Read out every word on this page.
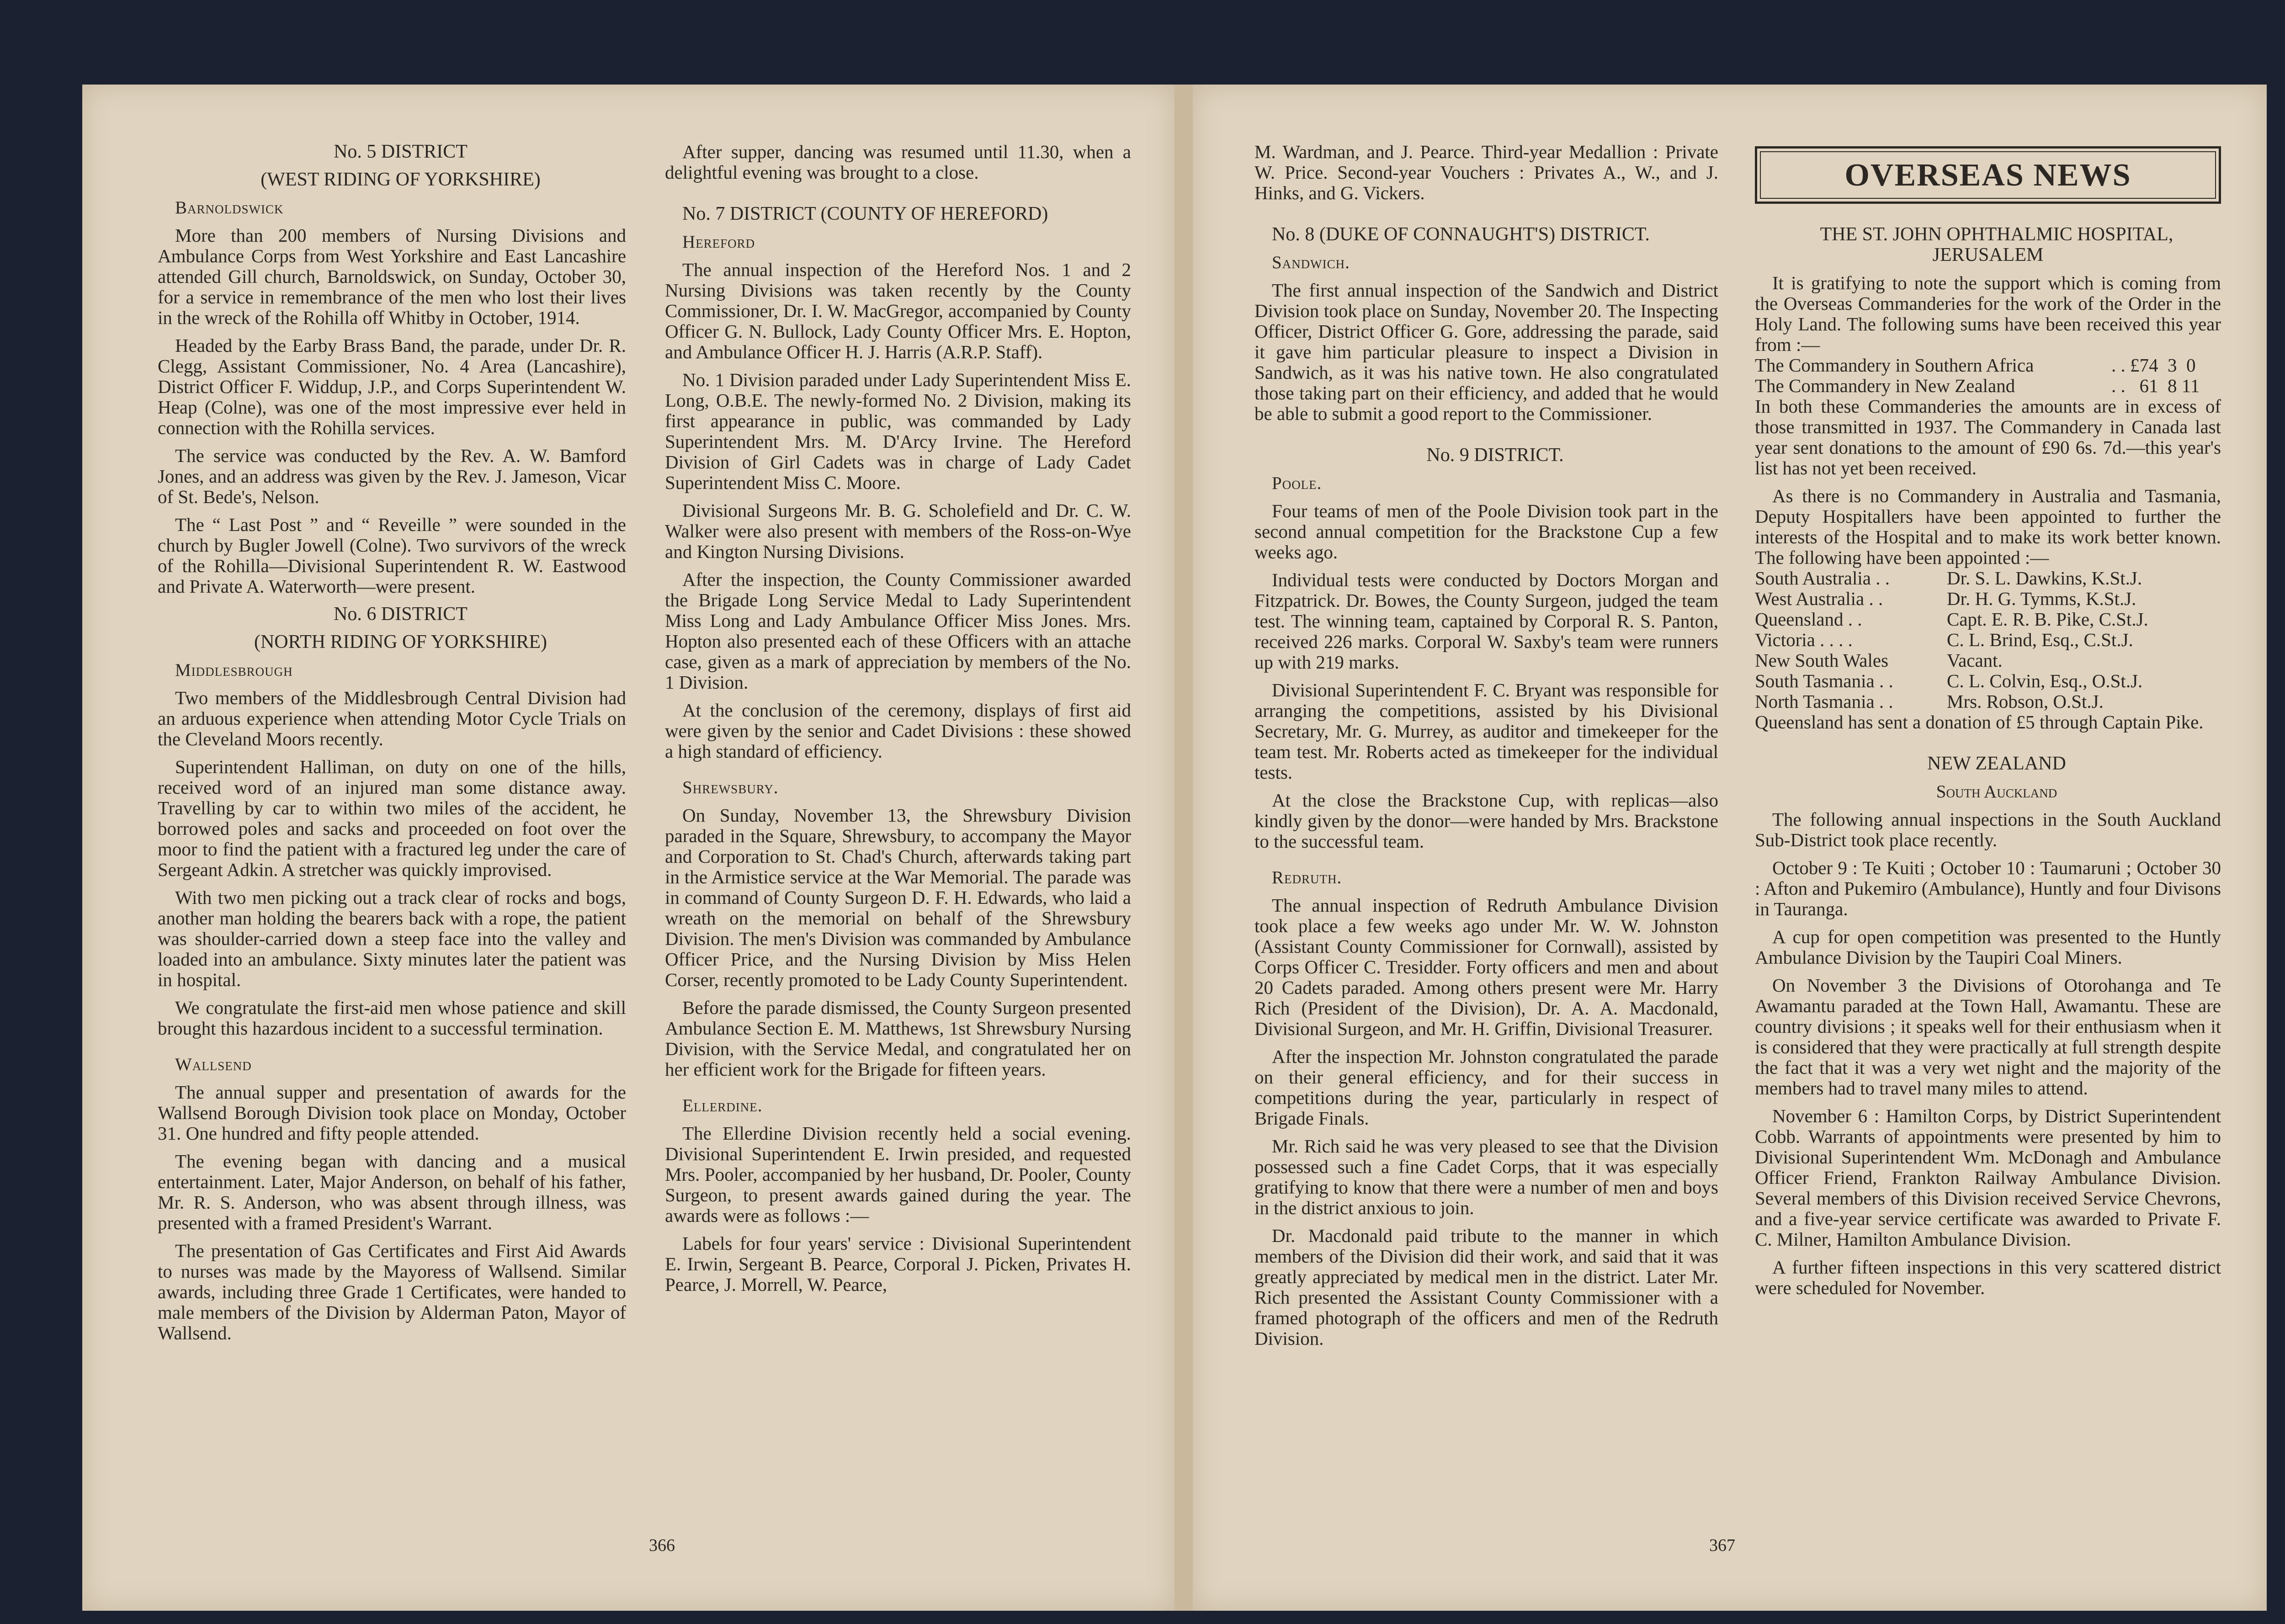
No. 5 DISTRICT

(WEST RIDING OF YORKSHIRE)

Barnoldswick

More than 200 members of Nursing Divisions and Ambulance Corps from West Yorkshire and East Lancashire attended Gill church, Barnoldswick, on Sunday, October 30, for a service in remembrance of the men who lost their lives in the wreck of the Rohilla off Whitby in October, 1914.

Headed by the Earby Brass Band, the parade, under Dr. R. Clegg, Assistant Commissioner, No. 4 Area (Lancashire), District Officer F. Widdup, J.P., and Corps Superintendent W. Heap (Colne), was one of the most impressive ever held in connection with the Rohilla services.

The service was conducted by the Rev. A. W. Bamford Jones, and an address was given by the Rev. J. Jameson, Vicar of St. Bede's, Nelson.

The “ Last Post ” and “ Reveille ” were sounded in the church by Bugler Jowell (Colne). Two survivors of the wreck of the Rohilla—Divisional Superintendent R. W. Eastwood and Private A. Waterworth—were present.

No. 6 DISTRICT

(NORTH RIDING OF YORKSHIRE)

Middlesbrough

Two members of the Middlesbrough Central Division had an arduous experience when attending Motor Cycle Trials on the Cleveland Moors recently.

Superintendent Halliman, on duty on one of the hills, received word of an injured man some distance away. Travelling by car to within two miles of the accident, he borrowed poles and sacks and proceeded on foot over the moor to find the patient with a fractured leg under the care of Sergeant Adkin. A stretcher was quickly improvised.

With two men picking out a track clear of rocks and bogs, another man holding the bearers back with a rope, the patient was shoulder-carried down a steep face into the valley and loaded into an ambulance. Sixty minutes later the patient was in hospital.

We congratulate the first-aid men whose patience and skill brought this hazardous incident to a successful termination.

Wallsend

The annual supper and presentation of awards for the Wallsend Borough Division took place on Monday, October 31. One hundred and fifty people attended.

The evening began with dancing and a musical entertainment. Later, Major Anderson, on behalf of his father, Mr. R. S. Anderson, who was absent through illness, was presented with a framed President's Warrant.

The presentation of Gas Certificates and First Aid Awards to nurses was made by the Mayoress of Wallsend. Similar awards, including three Grade 1 Certificates, were handed to male members of the Division by Alderman Paton, Mayor of Wallsend.

After supper, dancing was resumed until 11.30, when a delightful evening was brought to a close.

No. 7 DISTRICT (COUNTY OF HEREFORD)

Hereford

The annual inspection of the Hereford Nos. 1 and 2 Nursing Divisions was taken recently by the County Commissioner, Dr. I. W. MacGregor, accompanied by County Officer G. N. Bullock, Lady County Officer Mrs. E. Hopton, and Ambulance Officer H. J. Harris (A.R.P. Staff).

No. 1 Division paraded under Lady Superintendent Miss E. Long, O.B.E. The newly-formed No. 2 Division, making its first appearance in public, was commanded by Lady Superintendent Mrs. M. D'Arcy Irvine. The Hereford Division of Girl Cadets was in charge of Lady Cadet Superintendent Miss C. Moore.

Divisional Surgeons Mr. B. G. Scholefield and Dr. C. W. Walker were also present with members of the Ross-on-Wye and Kington Nursing Divisions.

After the inspection, the County Commissioner awarded the Brigade Long Service Medal to Lady Superintendent Miss Long and Lady Ambulance Officer Miss Jones. Mrs. Hopton also presented each of these Officers with an attache case, given as a mark of appreciation by members of the No. 1 Division.

At the conclusion of the ceremony, displays of first aid were given by the senior and Cadet Divisions : these showed a high standard of efficiency.

Shrewsbury.

On Sunday, November 13, the Shrewsbury Division paraded in the Square, Shrewsbury, to accompany the Mayor and Corporation to St. Chad's Church, afterwards taking part in the Armistice service at the War Memorial. The parade was in command of County Surgeon D. F. H. Edwards, who laid a wreath on the memorial on behalf of the Shrewsbury Division. The men's Division was commanded by Ambulance Officer Price, and the Nursing Division by Miss Helen Corser, recently promoted to be Lady County Superintendent.

Before the parade dismissed, the County Surgeon presented Ambulance Section E. M. Matthews, 1st Shrewsbury Nursing Division, with the Service Medal, and congratulated her on her efficient work for the Brigade for fifteen years.

Ellerdine.

The Ellerdine Division recently held a social evening. Divisional Superintendent E. Irwin presided, and requested Mrs. Pooler, accompanied by her husband, Dr. Pooler, County Surgeon, to present awards gained during the year. The awards were as follows :—

Labels for four years' service : Divisional Superintendent E. Irwin, Sergeant B. Pearce, Corporal J. Picken, Privates H. Pearce, J. Morrell, W. Pearce,

366

M. Wardman, and J. Pearce. Third-year Medallion : Private W. Price. Second-year Vouchers : Privates A., W., and J. Hinks, and G. Vickers.

No. 8 (DUKE OF CONNAUGHT'S) DISTRICT.

Sandwich.

The first annual inspection of the Sandwich and District Division took place on Sunday, November 20. The Inspecting Officer, District Officer G. Gore, addressing the parade, said it gave him particular pleasure to inspect a Division in Sandwich, as it was his native town. He also congratulated those taking part on their efficiency, and added that he would be able to submit a good report to the Commissioner.

No. 9 DISTRICT.

Poole.

Four teams of men of the Poole Division took part in the second annual competition for the Brackstone Cup a few weeks ago.

Individual tests were conducted by Doctors Morgan and Fitzpatrick. Dr. Bowes, the County Surgeon, judged the team test. The winning team, captained by Corporal R. S. Panton, received 226 marks. Corporal W. Saxby's team were runners up with 219 marks.

Divisional Superintendent F. C. Bryant was responsible for arranging the competitions, assisted by his Divisional Secretary, Mr. G. Murrey, as auditor and timekeeper for the team test. Mr. Roberts acted as timekeeper for the individual tests.

At the close the Brackstone Cup, with replicas—also kindly given by the donor—were handed by Mrs. Brackstone to the successful team.

Redruth.

The annual inspection of Redruth Ambulance Division took place a few weeks ago under Mr. W. W. Johnston (Assistant County Commissioner for Cornwall), assisted by Corps Officer C. Tresidder. Forty officers and men and about 20 Cadets paraded. Among others present were Mr. Harry Rich (President of the Division), Dr. A. A. Macdonald, Divisional Surgeon, and Mr. H. Griffin, Divisional Treasurer.

After the inspection Mr. Johnston congratulated the parade on their general efficiency, and for their success in competitions during the year, particularly in respect of Brigade Finals.

Mr. Rich said he was very pleased to see that the Division possessed such a fine Cadet Corps, that it was especially gratifying to know that there were a number of men and boys in the district anxious to join.

Dr. Macdonald paid tribute to the manner in which members of the Division did their work, and said that it was greatly appreciated by medical men in the district. Later Mr. Rich presented the Assistant County Commissioner with a framed photograph of the officers and men of the Redruth Division.

OVERSEAS NEWS

THE ST. JOHN OPHTHALMIC HOSPITAL, JERUSALEM

It is gratifying to note the support which is coming from the Overseas Commanderies for the work of the Order in the Holy Land. The following sums have been received this year from :—

The Commandery in Southern Africa	. . £74  3  0
The Commandery in New Zealand	. .   61  8 11

In both these Commanderies the amounts are in excess of those transmitted in 1937. The Commandery in Canada last year sent donations to the amount of £90 6s. 7d.—this year's list has not yet been received.

As there is no Commandery in Australia and Tasmania, Deputy Hospitallers have been appointed to further the interests of the Hospital and to make its work better known. The following have been appointed :—

South Australia . .	Dr. S. L. Dawkins, K.St.J.
West Australia . .	Dr. H. G. Tymms, K.St.J.
Queensland . .	Capt. E. R. B. Pike, C.St.J.
Victoria . . . .	C. L. Brind, Esq., C.St.J.
New South Wales	Vacant.
South Tasmania . .	C. L. Colvin, Esq., O.St.J.
North Tasmania . .	Mrs. Robson, O.St.J.

Queensland has sent a donation of £5 through Captain Pike.

NEW ZEALAND

South Auckland

The following annual inspections in the South Auckland Sub-District took place recently.

October 9 : Te Kuiti ; October 10 : Taumaruni ; October 30 : Afton and Pukemiro (Ambulance), Huntly and four Divisons in Tauranga.

A cup for open competition was presented to the Huntly Ambulance Division by the Taupiri Coal Miners.

On November 3 the Divisions of Otorohanga and Te Awamantu paraded at the Town Hall, Awamantu. These are country divisions ; it speaks well for their enthusiasm when it is considered that they were practically at full strength despite the fact that it was a very wet night and the majority of the members had to travel many miles to attend.

November 6 : Hamilton Corps, by District Superintendent Cobb. Warrants of appointments were presented by him to Divisional Superintendent Wm. McDonagh and Ambulance Officer Friend, Frankton Railway Ambulance Division. Several members of this Division received Service Chevrons, and a five-year service certificate was awarded to Private F. C. Milner, Hamilton Ambulance Division.

A further fifteen inspections in this very scattered district were scheduled for November.

367
